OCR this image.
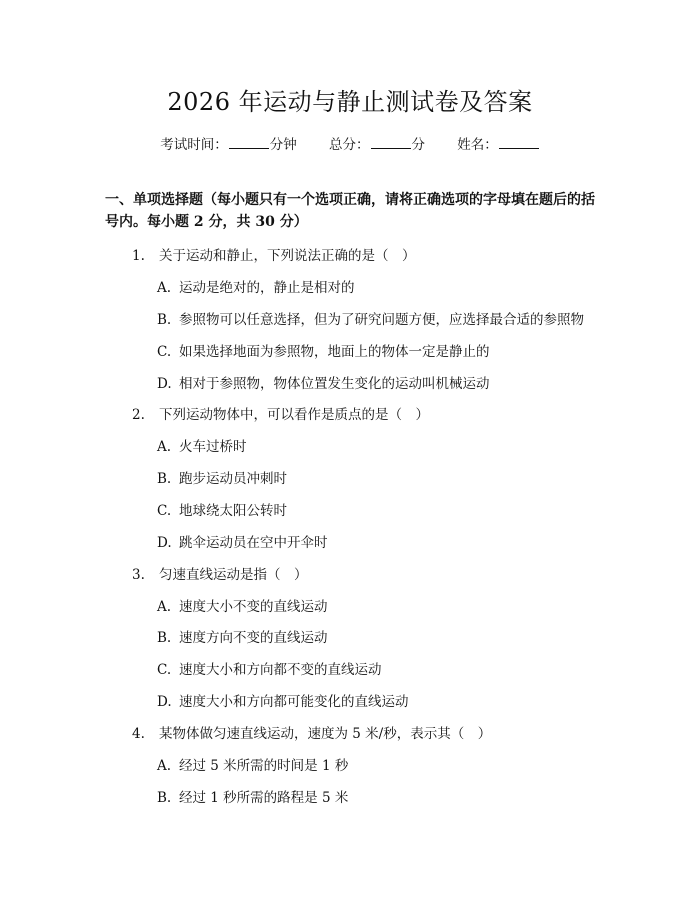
2026 年运动与静止测试卷及答案
考试时间：	分钟 总分：	分 姓名：
一、单项选择题（每小题只有一个选项正确，请将正确选项的字母填在题后的括号内。每小题 2 分，共 30 分）
1. 关于运动和静止，下列说法正确的是（　）
A. 运动是绝对的，静止是相对的
B. 参照物可以任意选择，但为了研究问题方便，应选择最合适的参照物
C. 如果选择地面为参照物，地面上的物体一定是静止的
D. 相对于参照物，物体位置发生变化的运动叫机械运动
2. 下列运动物体中，可以看作是质点的是（　）
A. 火车过桥时
B. 跑步运动员冲刺时
C. 地球绕太阳公转时
D. 跳伞运动员在空中开伞时
3. 匀速直线运动是指（　）
A. 速度大小不变的直线运动
B. 速度方向不变的直线运动
C. 速度大小和方向都不变的直线运动
D. 速度大小和方向都可能变化的直线运动
4. 某物体做匀速直线运动，速度为 5 米/秒，表示其（　）
A. 经过 5 米所需的时间是 1 秒
B. 经过 1 秒所需的路程是 5 米
